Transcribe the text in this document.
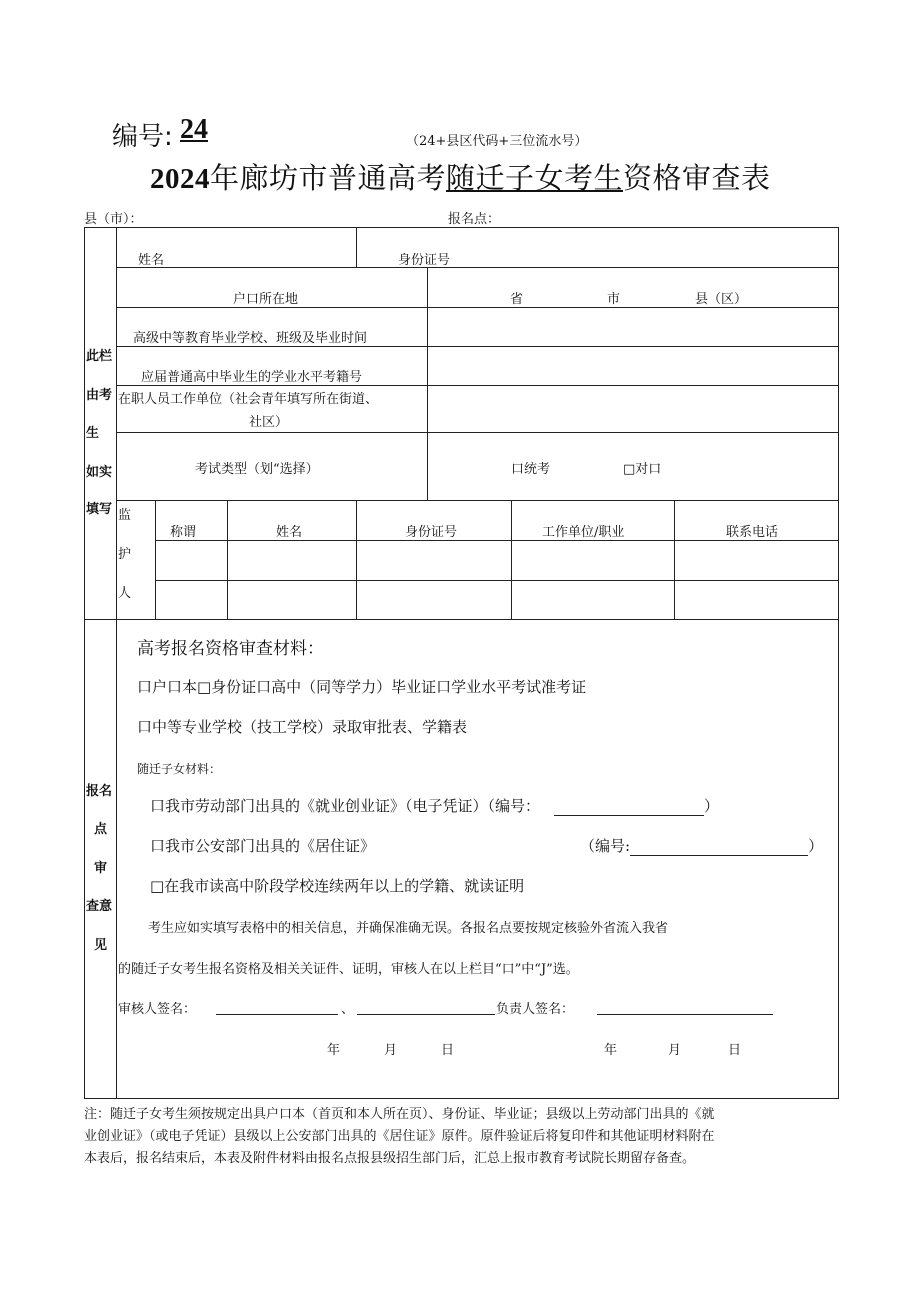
编号: 24	（24+县区代码+三位流水号）
2024年廊坊市普通高考随迁子女考生资格审查表
县（市）：	报名点：
此栏
由考
生
如实
填写
姓名	身份证号
户口所在地	省	市	县（区）
高级中等教育毕业学校、班级及毕业时间
应届普通高中毕业生的学业水平考籍号
在职人员工作单位（社会青年填写所在街道、
社区）
考试类型（划“选择）	口统考	□对口
监
护
人
称谓	姓名	身份证号	工作单位/职业	联系电话
报名
点
审
查意
见
高考报名资格审查材料：
口户口本□身份证口高中（同等学力）毕业证口学业水平考试准考证
口中等专业学校（技工学校）录取审批表、学籍表
随迁子女材料：
口我市劳动部门出具的《就业创业证》（电子凭证）（编号：	）
口我市公安部门出具的《居住证》	（编号:	）
□在我市读高中阶段学校连续两年以上的学籍、就读证明
考生应如实填写表格中的相关信息，并确保准确无误。各报名点要按规定核验外省流入我省
的随迁子女考生报名资格及相关关证件、证明，审核人在以上栏目“口”中“J”选。
审核人签名：	、	负责人签名：
年	月	日	年	月	日
注：随迁子女考生须按规定出具户口本（首页和本人所在页）、身份证、毕业证；县级以上劳动部门出具的《就
业创业证》（或电子凭证）县级以上公安部门出具的《居住证》原件。原件验证后将复印件和其他证明材料附在
本表后，报名结束后，本表及附件材料由报名点报县级招生部门后，汇总上报市教育考试院长期留存备查。
